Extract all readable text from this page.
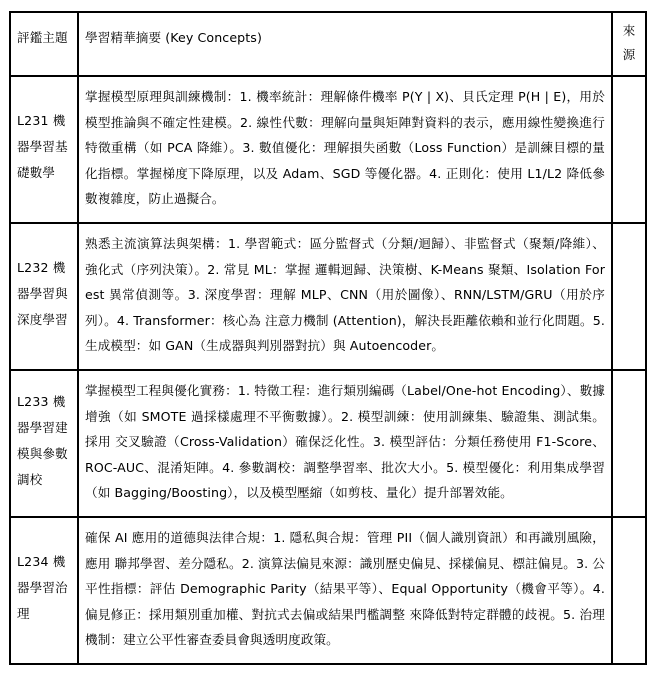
評鑑主題	學習精華摘要 (Key Concepts)	來源

L231 機器學習基礎數學	掌握模型原理與訓練機制：1. 機率統計：理解條件機率 P(Y | X)、貝氏定理 P(H | E)，用於模型推論與不確定性建模。2. 線性代數：理解向量與矩陣對資料的表示，應用線性變換進行特徵重構（如 PCA 降維）。3. 數值優化：理解損失函數（Loss Function）是訓練目標的量化指標。掌握梯度下降原理，以及 Adam、SGD 等優化器。4. 正則化：使用 L1/L2 降低參數複雜度，防止過擬合。	

L232 機器學習與深度學習	熟悉主流演算法與架構：1. 學習範式：區分監督式（分類/迴歸）、非監督式（聚類/降維）、強化式（序列決策）。2. 常見 ML：掌握 邏輯迴歸、決策樹、K-Means 聚類、Isolation Forest 異常偵測等。3. 深度學習：理解 MLP、CNN（用於圖像）、RNN/LSTM/GRU（用於序列）。4. Transformer：核心為 注意力機制 (Attention)，解決長距離依賴和並行化問題。5. 生成模型：如 GAN（生成器與判別器對抗）與 Autoencoder。	

L233 機器學習建模與參數調校	掌握模型工程與優化實務：1. 特徵工程：進行類別編碼（Label/One-hot Encoding）、數據增強（如 SMOTE 過採樣處理不平衡數據）。2. 模型訓練：使用訓練集、驗證集、測試集。採用 交叉驗證（Cross-Validation）確保泛化性。3. 模型評估：分類任務使用 F1-Score、ROC-AUC、混淆矩陣。4. 參數調校：調整學習率、批次大小。5. 模型優化：利用集成學習（如 Bagging/Boosting），以及模型壓縮（如剪枝、量化）提升部署效能。	

L234 機器學習治理	確保 AI 應用的道德與法律合規：1. 隱私與合規：管理 PII（個人識別資訊）和再識別風險，應用 聯邦學習、差分隱私。2. 演算法偏見來源：識別歷史偏見、採樣偏見、標註偏見。3. 公平性指標：評估 Demographic Parity（結果平等）、Equal Opportunity（機會平等）。4. 偏見修正：採用類別重加權、對抗式去偏或結果門檻調整 來降低對特定群體的歧視。5. 治理機制：建立公平性審查委員會與透明度政策。	
